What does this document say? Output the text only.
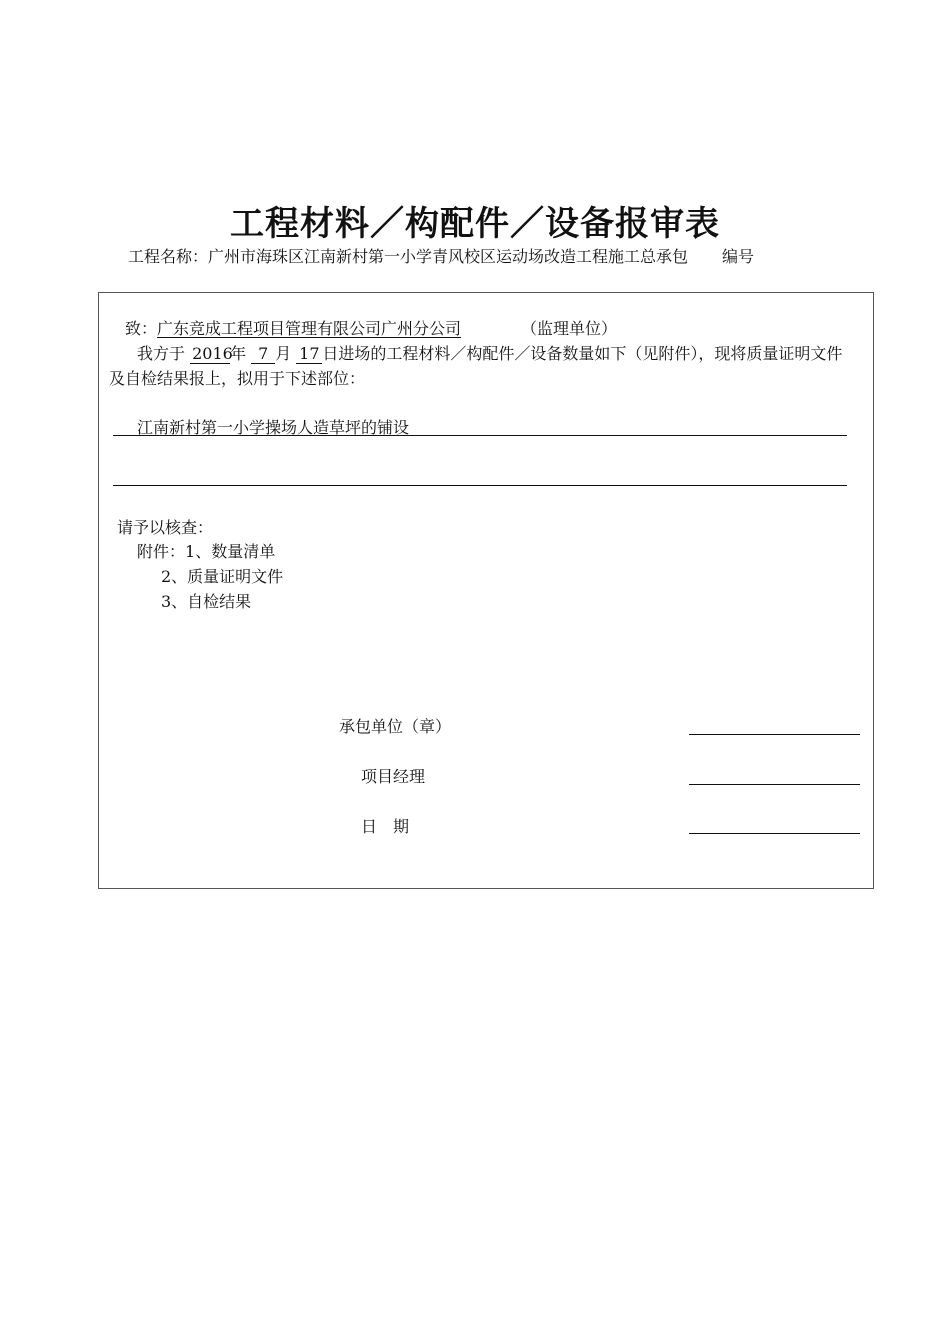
工程材料／构配件／设备报审表
工程名称：广州市海珠区江南新村第一小学青风校区运动场改造工程施工总承包 编号
致：广东竞成工程项目管理有限公司广州分公司	（监理单位）
我方于 2016年 7 月 17 日进场的工程材料／构配件／设备数量如下（见附件），现将质量证明文件
及自检结果报上，拟用于下述部位：
江南新村第一小学操场人造草坪的铺设
请予以核查：
附件：1、数量清单
2、质量证明文件
3、自检结果
承包单位（章）
项目经理
日　期
